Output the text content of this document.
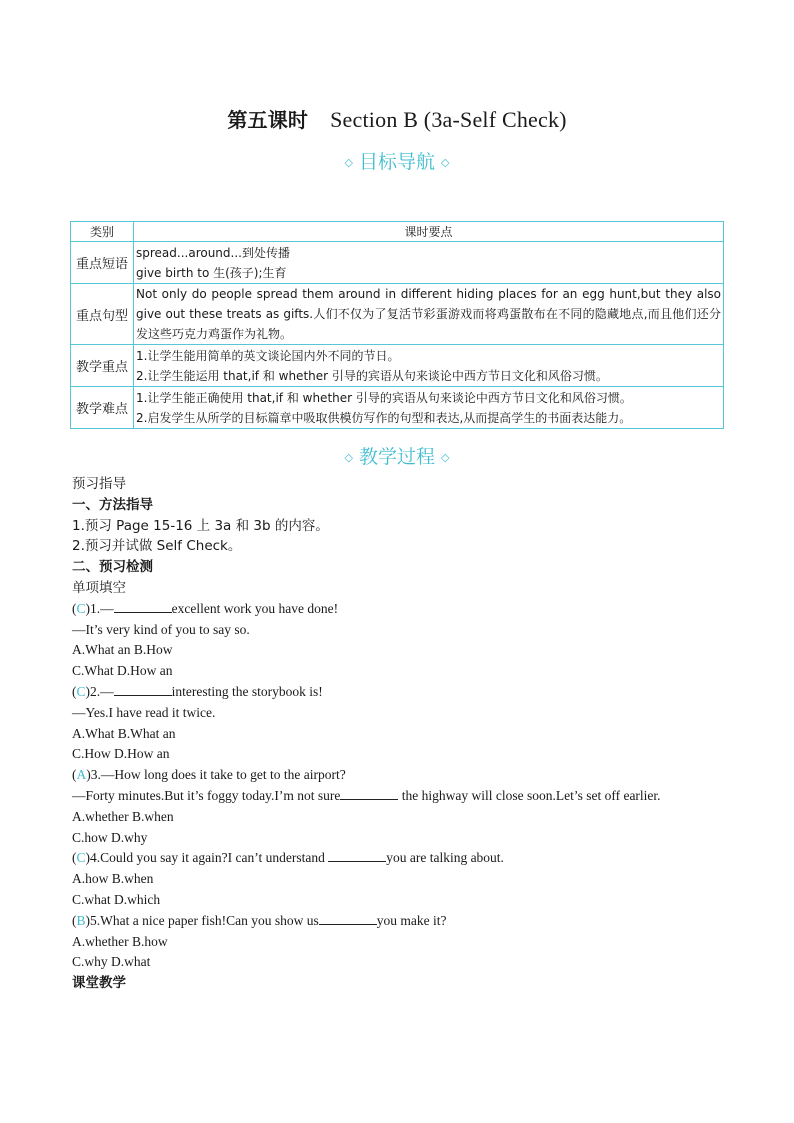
第五课时 Section B (3a-Self Check)
◇ 目标导航 ◇
类别	课时要点
重点短语	spread...around...到处传播
give birth to 生(孩子);生育

重点句型	Not only do people spread them around in different hiding places for an egg hunt,but they also give out these treats as gifts.人们不仅为了复活节彩蛋游戏而将鸡蛋散布在不同的隐藏地点,而且他们还分发这些巧克力鸡蛋作为礼物。

教学重点	1.让学生能用简单的英文谈论国内外不同的节日。
2.让学生能运用 that,if 和 whether 引导的宾语从句来谈论中西方节日文化和风俗习惯。

教学难点	1.让学生能正确使用 that,if 和 whether 引导的宾语从句来谈论中西方节日文化和风俗习惯。
2.启发学生从所学的目标篇章中吸取供模仿写作的句型和表达,从而提高学生的书面表达能力。
◇ 教学过程 ◇
预习指导
一、方法指导
1.预习 Page 15-16 上 3a 和 3b 的内容。
2.预习并试做 Self Check。
二、预习检测
单项填空
(C)1.—	excellent work you have done!
—It’s very kind of you to say so.
A.What an B.How
C.What D.How an
(C)2.—	interesting the storybook is!
—Yes.I have read it twice.
A.What B.What an
C.How D.How an
(A)3.—How long does it take to get to the airport?
—Forty minutes.But it’s foggy today.I’m not sure	the highway will close soon.Let’s set off earlier.
A.whether B.when
C.how D.why
(C)4.Could you say it again?I can’t understand	you are talking about.
A.how B.when
C.what D.which
(B)5.What a nice paper fish!Can you show us	you make it?
A.whether B.how
C.why D.what
课堂教学
